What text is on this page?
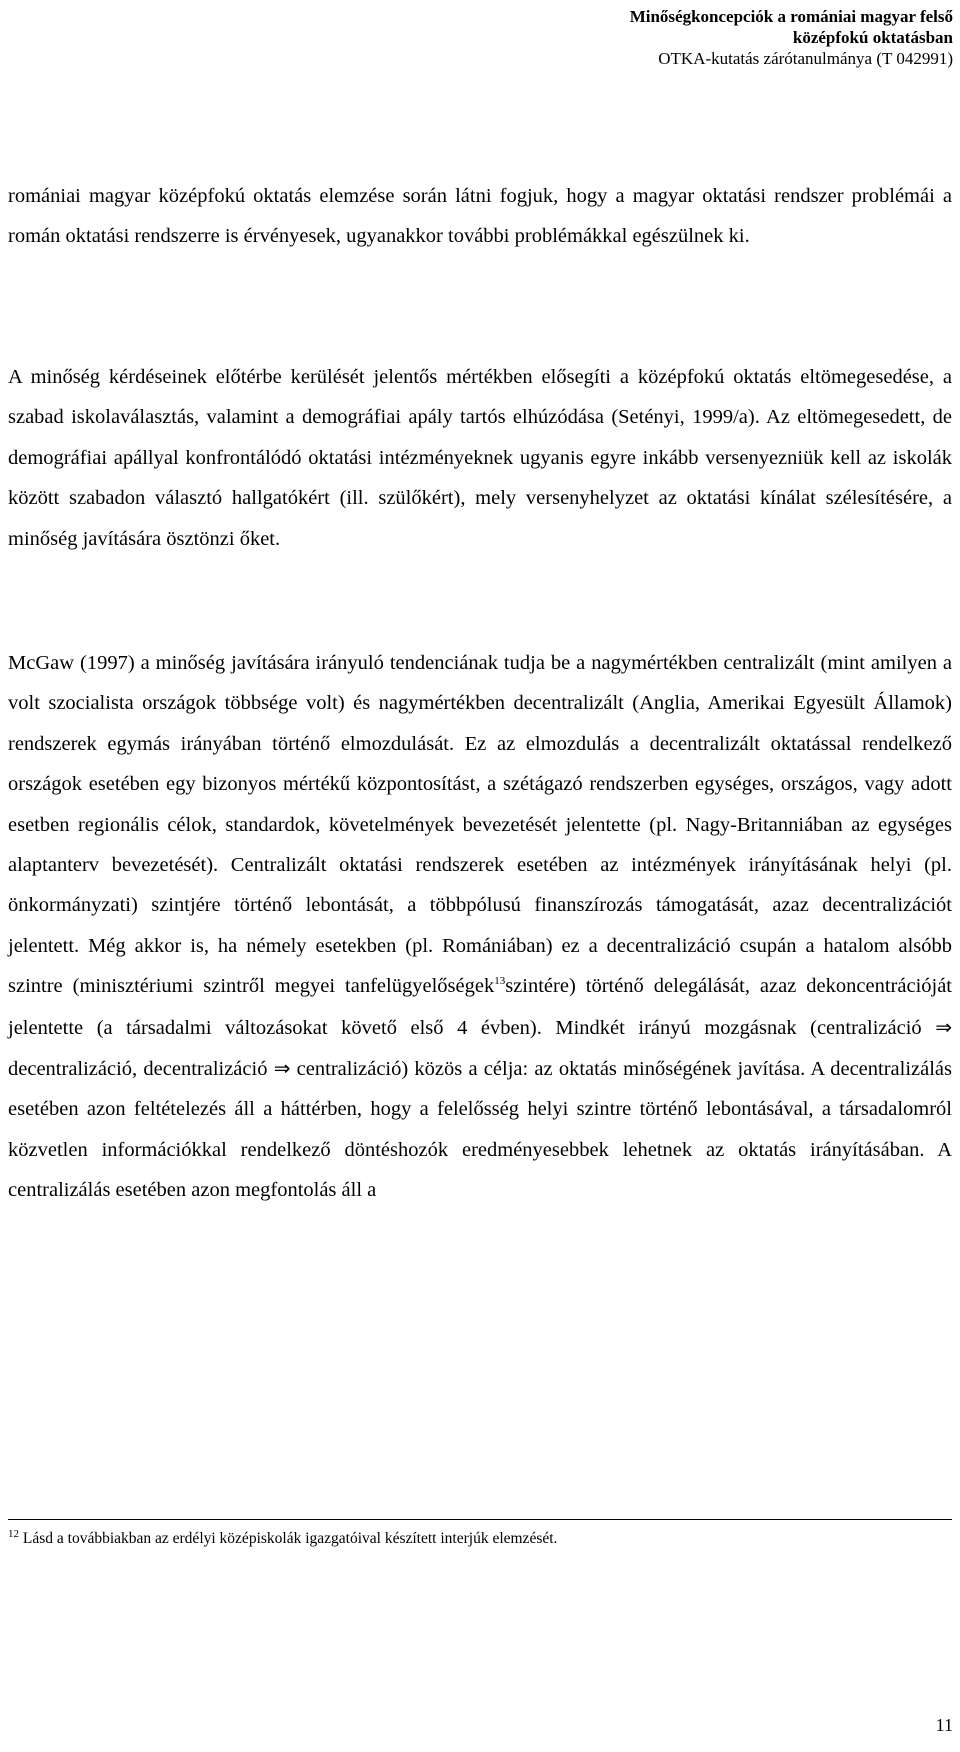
Minőségkoncepciók a romániai magyar felső
középfokú oktatásban
OTKA-kutatás zárótanulmánya (T 042991)

romániai magyar középfokú oktatás elemzése során látni fogjuk, hogy a magyar oktatási rendszer problémái a román oktatási rendszerre is érvényesek, ugyanakkor további problémákkal egészülnek ki.

A minőség kérdéseinek előtérbe kerülését jelentős mértékben elősegíti a középfokú oktatás eltömegesedése, a szabad iskolaválasztás, valamint a demográfiai apály tartós elhúzódása (Setényi, 1999/a). Az eltömegesedett, de demográfiai apállyal konfrontálódó oktatási intézményeknek ugyanis egyre inkább versenyezniük kell az iskolák között szabadon választó hallgatókért (ill. szülőkért), mely versenyhelyzet az oktatási kínálat szélesítésére, a minőség javítására ösztönzi őket.

McGaw (1997) a minőség javítására irányuló tendenciának tudja be a nagymértékben centralizált (mint amilyen a volt szocialista országok többsége volt) és nagymértékben decentralizált (Anglia, Amerikai Egyesült Államok) rendszerek egymás irányában történő elmozdulását. Ez az elmozdulás a decentralizált oktatással rendelkező országok esetében egy bizonyos mértékű központosítást, a szétágazó rendszerben egységes, országos, vagy adott esetben regionális célok, standardok, követelmények bevezetését jelentette (pl. Nagy-Britanniában az egységes alaptanterv bevezetését). Centralizált oktatási rendszerek esetében az intézmények irányításának helyi (pl. önkormányzati) szintjére történő lebontását, a többpólusú finanszírozás támogatását, azaz decentralizációt jelentett. Még akkor is, ha némely esetekben (pl. Romániában) ez a decentralizáció csupán a hatalom alsóbb szintre (minisztériumi szintről megyei tanfelügyelőségek$^{13}$szintére) történő delegálását, azaz dekoncentrációját jelentette (a társadalmi változásokat követő első 4 évben). Mindkét irányú mozgásnak (centralizáció ⇒ decentralizáció, decentralizáció ⇒ centralizáció) közös a célja: az oktatás minőségének javítása. A decentralizálás esetében azon feltételezés áll a háttérben, hogy a felelősség helyi szintre történő lebontásával, a társadalomról közvetlen információkkal rendelkező döntéshozók eredményesebbek lehetnek az oktatás irányításában. A centralizálás esetében azon megfontolás áll a

$^{12}$ Lásd a továbbiakban az erdélyi középiskolák igazgatóival készített interjúk elemzését.
11
